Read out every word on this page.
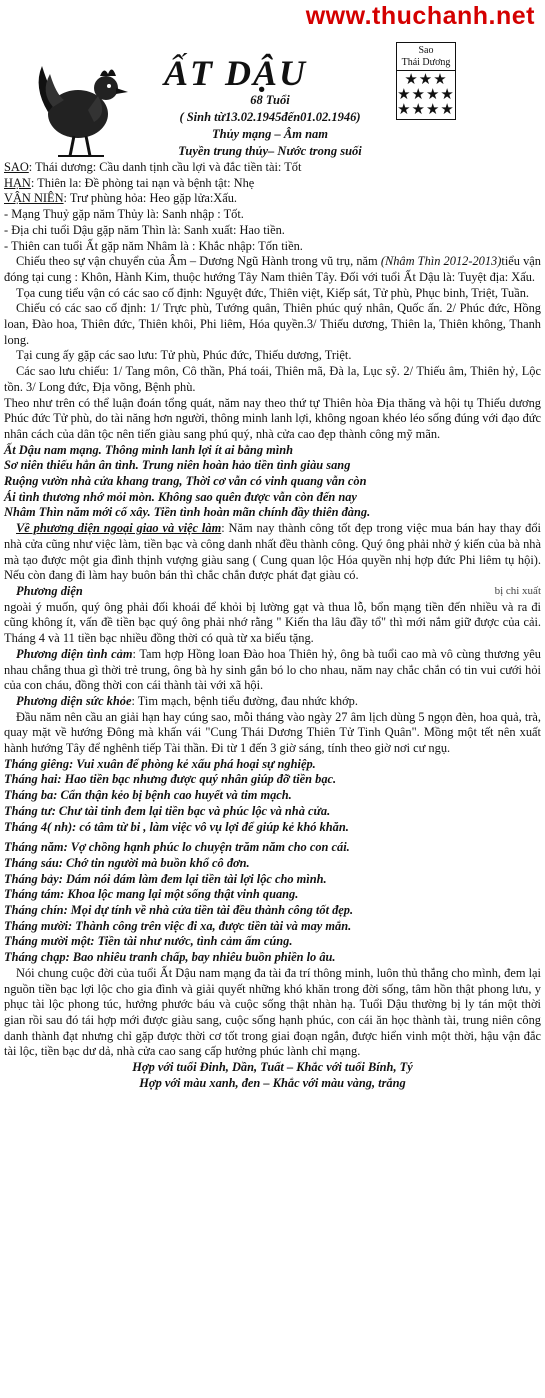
www.thuchanh.net
Sao
Thái Dương
★★★
★★★★
★★★★
ẤT DẬU
68 Tuổi
( Sinh từ13.02.1945đến01.02.1946)
Thủy mạng – Âm nam
Tuyền trung thủy– Nước trong suối

SAO: Thái dương: Cầu danh tịnh cầu lợi và đắc tiền tài: Tốt

HẠN: Thiên la: Đề phòng tai nạn và bệnh tật: Nhẹ

VẬN NIÊN: Trư phùng hỏa: Heo gặp lửa:Xấu.

- Mạng Thuỷ gặp năm Thủy là: Sanh nhập : Tốt.

- Địa chi tuổi Dậu gặp năm Thìn là: Sanh xuất: Hao tiền.

- Thiên can tuổi Ất gặp năm Nhâm là : Khắc nhập: Tốn tiền.

Chiếu theo sự vận chuyển của Âm – Dương Ngũ Hành trong vũ trụ, năm (Nhâm Thìn 2012-2013)tiểu vận đóng tại cung : Khôn, Hành Kim, thuộc hướng Tây Nam thiên Tây. Đối với tuổi Ất Dậu là: Tuyệt địa: Xấu.

Tọa cung tiểu vận có các sao cố định: Nguyệt đức, Thiên việt, Kiếp sát, Tử phù, Phục binh, Triệt, Tuần.

Chiếu có các sao cố định: 1/ Trực phù, Tướng quân, Thiên phúc quý nhân, Quốc ấn. 2/ Phúc đức, Hồng loan, Đào hoa, Thiên đức, Thiên khôi, Phi liêm, Hóa quyền.3/ Thiếu dương, Thiên la, Thiên không, Thanh long.

Tại cung ấy gặp các sao lưu: Tử phù, Phúc đức, Thiếu dương, Triệt.

Các sao lưu chiếu: 1/ Tang môn, Cô thần, Phá toái, Thiên mã, Đà la, Lục sỹ. 2/ Thiếu âm, Thiên hỷ, Lộc tồn. 3/ Long đức, Địa võng, Bệnh phù.

Theo như trên có thể luận đoán tổng quát, năm nay theo thứ tự Thiên hòa Địa thăng và hội tụ Thiếu dương Phúc đức Tử phù, do tài năng hơn người, thông minh lanh lợi, không ngoan khéo léo sống đúng với đạo đức nhân cách của dân tộc nên tiến giàu sang phú quý, nhà cửa cao đẹp thành công mỹ mãn.

Ất Dậu nam mạng. Thông minh lanh lợi ít ai bằng mình

Sơ niên thiếu hẳn ân tình. Trung niên hoàn hảo tiền tình giàu sang

Ruộng vườn nhà cửa khang trang, Thời cơ vẫn có vinh quang vẫn còn

Ái tình thương nhớ mỏi mòn. Không sao quên được vẫn còn đến nay

Nhâm Thìn năm mới cố xây. Tiền tình hoàn mãn chính đầy thiên đàng.

Về phương diện ngoại giao và việc làm: Năm nay thành công tốt đẹp trong việc mua bán hay thay đổi nhà cửa cũng như việc làm, tiền bạc và công danh nhất đều thành công. Quý ông phải nhờ ý kiến của bà nhà mà tạo được một gia đình thịnh vượng giàu sang ( Cung quan lộc Hóa quyền nhị hợp đức Phi liêm tụ hội). Nếu còn đang đi làm hay buôn bán thì chắc chắn được phát đạt giàu có.

Phương diện	bị chi xuất

ngoài ý muốn, quý ông phải đối khoái để khỏi bị lường gạt và thua lỗ, bổn mạng tiền đến nhiều và ra đi cũng không ít, vấn đề tiền bạc quý ông phải nhớ rằng " Kiến tha lâu đầy tổ" thì mới nắm giữ được của cải. Tháng 4 và 11 tiền bạc nhiều đồng thời có quà từ xa biếu tặng.

Phương diện tình cảm: Tam hợp Hồng loan Đào hoa Thiên hỷ, ông bà tuổi cao mà vô cùng thương yêu nhau chẳng thua gì thời trẻ trung, ông bà hy sinh gắn bó lo cho nhau, năm nay chắc chắn có tin vui cưới hỏi của con cháu, đồng thời con cái thành tài với xã hội.

Phương diện sức khỏe: Tim mạch, bệnh tiểu đường, đau nhức khớp.

Đầu năm nên cầu an giải hạn hay cúng sao, mỗi tháng vào ngày 27 âm lịch dùng 5 ngọn đèn, hoa quả, trà, quay mặt về hướng Đông mà khấn vái "Cung Thái Dương Thiên Tử Tinh Quân". Mồng một tết nên xuất hành hướng Tây để nghênh tiếp Tài thần. Đi từ 1 đến 3 giờ sáng, tính theo giờ nơi cư ngụ.

Tháng giêng: Vui xuân để phòng kẻ xấu phá hoại sự nghiệp.

Tháng hai: Hao tiền bạc nhưng được quý nhân giúp đỡ tiền bạc.

Tháng ba: Cẩn thận kẻo bị bệnh cao huyết và tim mạch.

Tháng tư: Chư tài tinh đem lại tiền bạc và phúc lộc và nhà cửa.

Tháng 4( nh): có tâm từ bi , làm việc vô vụ lợi để giúp kẻ khó khăn.

Tháng năm: Vợ chồng hạnh phúc lo chuyện trăm năm cho con cái.

Tháng sáu: Chớ tin người mà buồn khổ cô đơn.

Tháng bảy: Dám nói dám làm đem lại tiền tài lợi lộc cho mình.

Tháng tám: Khoa lộc mang lại một sống thật vinh quang.

Tháng chín: Mọi dự tính về nhà cửa tiền tài đều thành công tốt đẹp.

Tháng mười: Thành công trên việc đi xa, được tiền tài và may mắn.

Tháng mười một: Tiền tài như nước, tình cảm ấm cúng.

Tháng chạp: Bao nhiêu tranh chấp, bay nhiêu buồn phiền lo âu.

Nói chung cuộc đời của tuổi Ất Dậu nam mạng đa tài đa trí thông minh, luôn thủ thắng cho mình, đem lại nguồn tiền bạc lợi lộc cho gia đình và giải quyết những khó khăn trong đời sống, tâm hồn thật phong lưu, y phục tài lộc phong túc, hưởng phước báu và cuộc sống thật nhàn hạ. Tuổi Dậu thường bị ly tán một thời gian rồi sau đó tái hợp mới được giàu sang, cuộc sống hạnh phúc, con cái ăn học thành tài, trung niên công danh thành đạt nhưng chỉ gặp được thời cơ tốt trong giai đoạn ngắn, được hiển vinh một thời, hậu vận đắc tài lộc, tiền bạc dư dả, nhà cửa cao sang cấp hưởng phúc lành chỉ mạng.

Hợp với tuổi Đinh, Dần, Tuất – Khắc với tuổi Bính, Tý

Hợp với màu xanh, đen – Khắc với màu vàng, trắng
